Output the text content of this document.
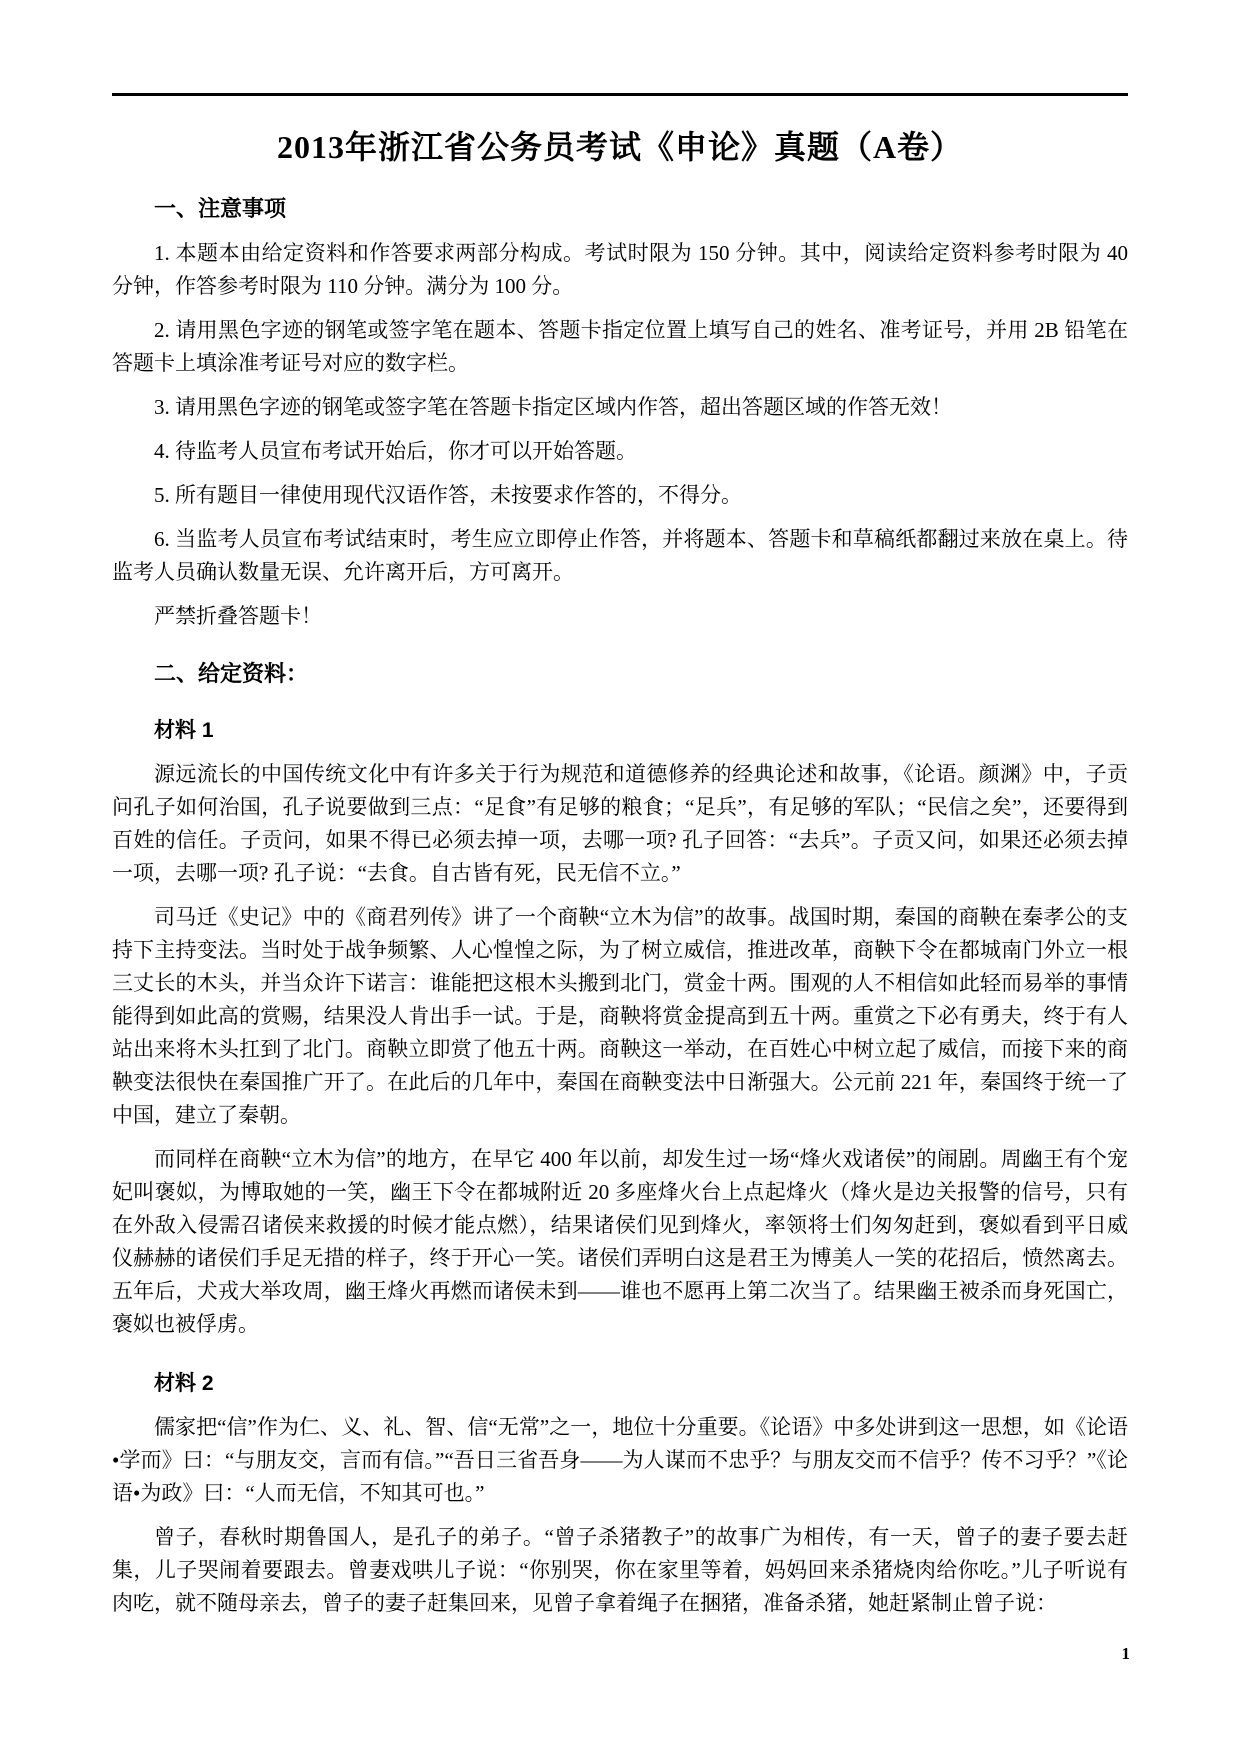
2013年浙江省公务员考试《申论》真题（A卷）
一、注意事项

1. 本题本由给定资料和作答要求两部分构成。考试时限为 150 分钟。其中，阅读给定资料参考时限为 40 分钟，作答参考时限为 110 分钟。满分为 100 分。

2. 请用黑色字迹的钢笔或签字笔在题本、答题卡指定位置上填写自己的姓名、准考证号，并用 2B 铅笔在答题卡上填涂准考证号对应的数字栏。

3. 请用黑色字迹的钢笔或签字笔在答题卡指定区域内作答，超出答题区域的作答无效！

4. 待监考人员宣布考试开始后，你才可以开始答题。

5. 所有题目一律使用现代汉语作答，未按要求作答的，不得分。

6. 当监考人员宣布考试结束时，考生应立即停止作答，并将题本、答题卡和草稿纸都翻过来放在桌上。待监考人员确认数量无误、允许离开后，方可离开。

严禁折叠答题卡！

二、给定资料：
材料 1

源远流长的中国传统文化中有许多关于行为规范和道德修养的经典论述和故事，《论语。颜渊》中，子贡问孔子如何治国，孔子说要做到三点：“足食”有足够的粮食；“足兵”，有足够的军队；“民信之矣”，还要得到百姓的信任。子贡问，如果不得已必须去掉一项，去哪一项? 孔子回答：“去兵”。子贡又问，如果还必须去掉一项，去哪一项? 孔子说：“去食。自古皆有死，民无信不立。”

司马迁《史记》中的《商君列传》讲了一个商鞅“立木为信”的故事。战国时期，秦国的商鞅在秦孝公的支持下主持变法。当时处于战争频繁、人心惶惶之际，为了树立威信，推进改革，商鞅下令在都城南门外立一根三丈长的木头，并当众许下诺言：谁能把这根木头搬到北门，赏金十两。围观的人不相信如此轻而易举的事情能得到如此高的赏赐，结果没人肯出手一试。于是，商鞅将赏金提高到五十两。重赏之下必有勇夫，终于有人站出来将木头扛到了北门。商鞅立即赏了他五十两。商鞅这一举动，在百姓心中树立起了威信，而接下来的商鞅变法很快在秦国推广开了。在此后的几年中，秦国在商鞅变法中日渐强大。公元前 221 年，秦国终于统一了中国，建立了秦朝。

而同样在商鞅“立木为信”的地方，在早它 400 年以前，却发生过一场“烽火戏诸侯”的闹剧。周幽王有个宠妃叫褒姒，为博取她的一笑，幽王下令在都城附近 20 多座烽火台上点起烽火（烽火是边关报警的信号，只有在外敌入侵需召诸侯来救援的时候才能点燃），结果诸侯们见到烽火，率领将士们匆匆赶到，褒姒看到平日威仪赫赫的诸侯们手足无措的样子，终于开心一笑。诸侯们弄明白这是君王为博美人一笑的花招后，愤然离去。五年后，犬戎大举攻周，幽王烽火再燃而诸侯未到——谁也不愿再上第二次当了。结果幽王被杀而身死国亡，褒姒也被俘虏。

材料 2

儒家把“信”作为仁、义、礼、智、信“无常”之一，地位十分重要。《论语》中多处讲到这一思想，如《论语•学而》曰：“与朋友交，言而有信。”“吾日三省吾身——为人谋而不忠乎？与朋友交而不信乎？传不习乎？”《论语•为政》曰：“人而无信，不知其可也。”

曾子，春秋时期鲁国人，是孔子的弟子。“曾子杀猪教子”的故事广为相传，有一天，曾子的妻子要去赶集，儿子哭闹着要跟去。曾妻戏哄儿子说：“你别哭，你在家里等着，妈妈回来杀猪烧肉给你吃。”儿子听说有肉吃，就不随母亲去，曾子的妻子赶集回来，见曾子拿着绳子在捆猪，准备杀猪，她赶紧制止曾子说：

1
